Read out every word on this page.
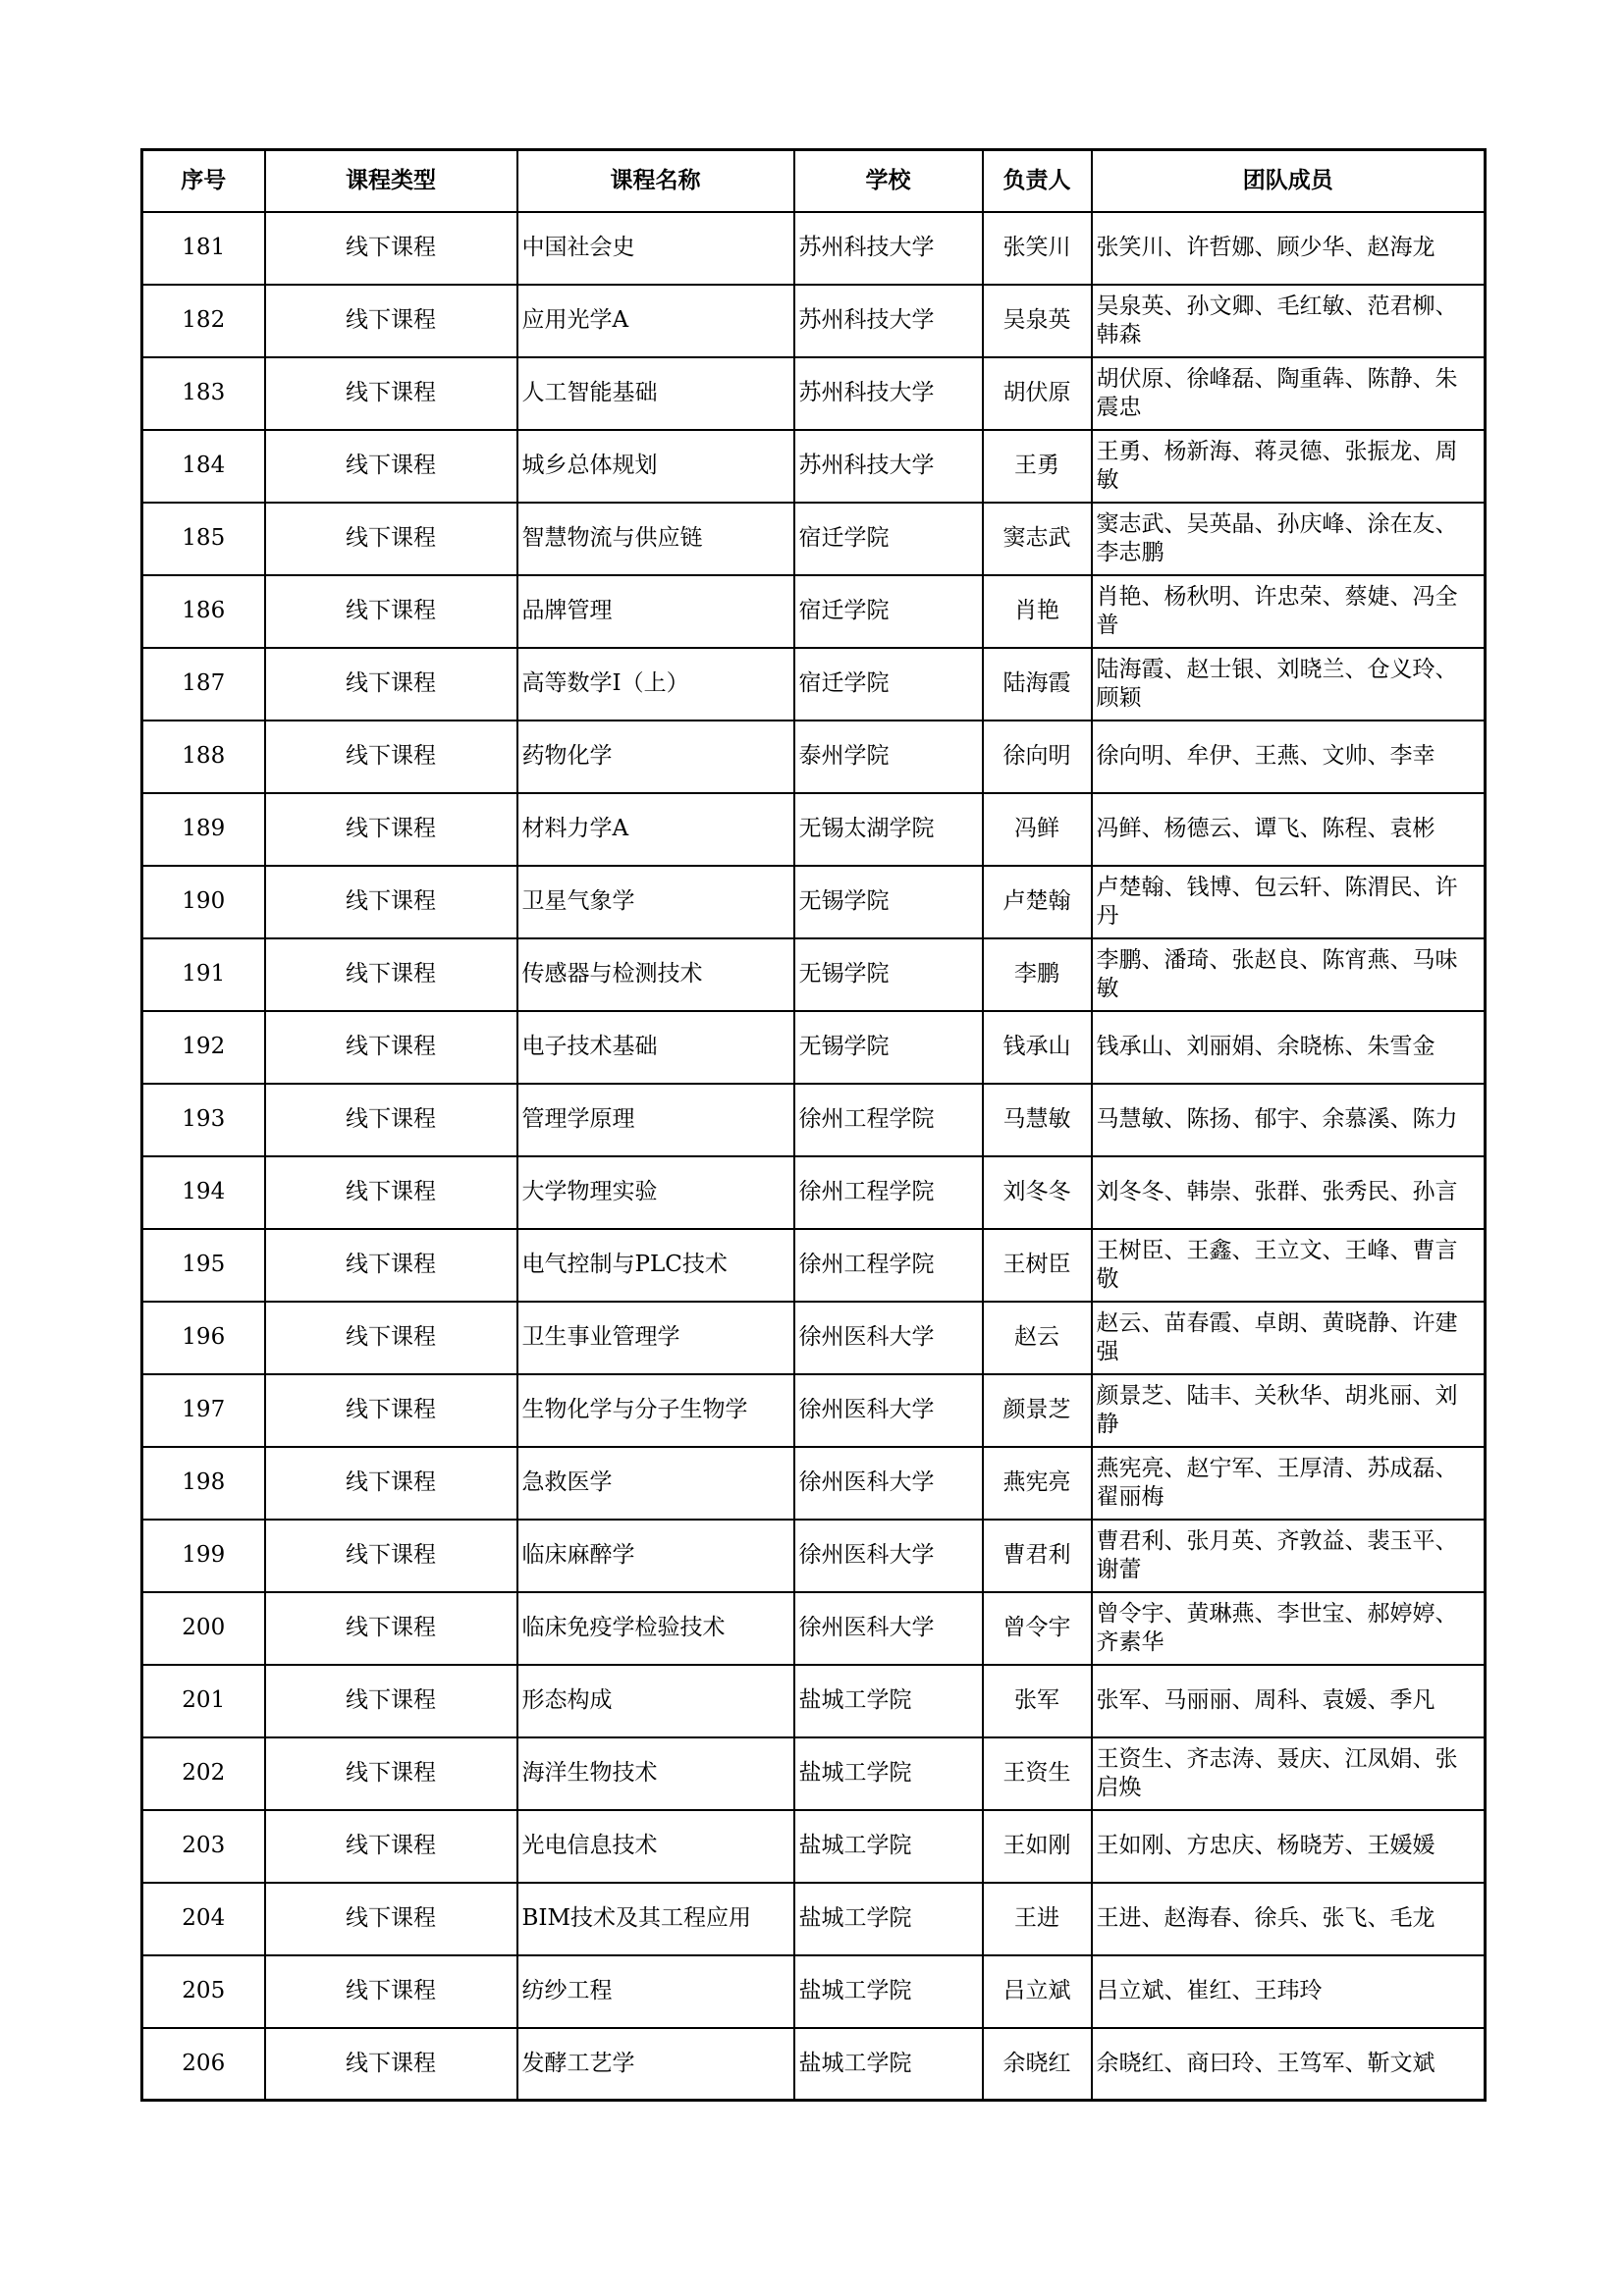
序号	课程类型	课程名称	学校	负责人	团队成员
181	线下课程	中国社会史	苏州科技大学	张笑川	张笑川、许哲娜、顾少华、赵海龙
182	线下课程	应用光学A	苏州科技大学	吴泉英	吴泉英、孙文卿、毛红敏、范君柳、韩森
183	线下课程	人工智能基础	苏州科技大学	胡伏原	胡伏原、徐峰磊、陶重犇、陈静、朱震忠
184	线下课程	城乡总体规划	苏州科技大学	王勇	王勇、杨新海、蒋灵德、张振龙、周敏
185	线下课程	智慧物流与供应链	宿迁学院	窦志武	窦志武、吴英晶、孙庆峰、涂在友、李志鹏
186	线下课程	品牌管理	宿迁学院	肖艳	肖艳、杨秋明、许忠荣、蔡婕、冯全普
187	线下课程	高等数学I（上）	宿迁学院	陆海霞	陆海霞、赵士银、刘晓兰、仓义玲、顾颖
188	线下课程	药物化学	泰州学院	徐向明	徐向明、牟伊、王燕、文帅、李幸
189	线下课程	材料力学A	无锡太湖学院	冯鲜	冯鲜、杨德云、谭飞、陈程、袁彬
190	线下课程	卫星气象学	无锡学院	卢楚翰	卢楚翰、钱博、包云轩、陈渭民、许丹
191	线下课程	传感器与检测技术	无锡学院	李鹏	李鹏、潘琦、张赵良、陈宵燕、马味敏
192	线下课程	电子技术基础	无锡学院	钱承山	钱承山、刘丽娟、余晓栋、朱雪金
193	线下课程	管理学原理	徐州工程学院	马慧敏	马慧敏、陈扬、郁宇、余慕溪、陈力
194	线下课程	大学物理实验	徐州工程学院	刘冬冬	刘冬冬、韩崇、张群、张秀民、孙言
195	线下课程	电气控制与PLC技术	徐州工程学院	王树臣	王树臣、王鑫、王立文、王峰、曹言敬
196	线下课程	卫生事业管理学	徐州医科大学	赵云	赵云、苗春霞、卓朗、黄晓静、许建强
197	线下课程	生物化学与分子生物学	徐州医科大学	颜景芝	颜景芝、陆丰、关秋华、胡兆丽、刘静
198	线下课程	急救医学	徐州医科大学	燕宪亮	燕宪亮、赵宁军、王厚清、苏成磊、翟丽梅
199	线下课程	临床麻醉学	徐州医科大学	曹君利	曹君利、张月英、齐敦益、裴玉平、谢蕾
200	线下课程	临床免疫学检验技术	徐州医科大学	曾令宇	曾令宇、黄琳燕、李世宝、郝婷婷、齐素华
201	线下课程	形态构成	盐城工学院	张军	张军、马丽丽、周科、袁媛、季凡
202	线下课程	海洋生物技术	盐城工学院	王资生	王资生、齐志涛、聂庆、江凤娟、张启焕
203	线下课程	光电信息技术	盐城工学院	王如刚	王如刚、方忠庆、杨晓芳、王媛媛
204	线下课程	BIM技术及其工程应用	盐城工学院	王进	王进、赵海春、徐兵、张飞、毛龙
205	线下课程	纺纱工程	盐城工学院	吕立斌	吕立斌、崔红、王玮玲
206	线下课程	发酵工艺学	盐城工学院	余晓红	余晓红、商曰玲、王笃军、靳文斌
